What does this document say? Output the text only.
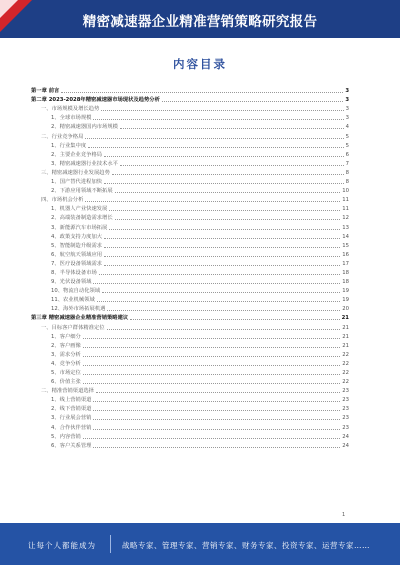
精密减速器企业精准营销策略研究报告
内容目录
第一章 前言	3
第二章 2023-2028年精密减速器市场现状及趋势分析	3
一、市场规模及增长趋势	3
1、全球市场规模	3
2、精密减速器国内市场规模	4
二、行业竞争格局	5
1、行业集中度	5
2、主要企业竞争格局	6
3、精密减速器行业技术水平	7
三、精密减速器行业发展趋势	8
1、国产替代进程加快	8
2、下游应用领域不断拓展	10
四、市场机会分析	11
1、机器人产业快速发展	11
2、高端装备制造需求增长	12
3、新能源汽车市场拓展	13
4、政策支持力度加大	14
5、智能制造升级需求	15
6、航空航天领域应用	16
7、医疗设备领域需求	17
8、半导体设备市场	18
9、光伏设备领域	18
10、物流自动化领域	19
11、农业机械领域	19
12、海外市场拓展机遇	20
第三章 精密减速器企业精准营销策略建议	21
一、目标客户群体精准定位	21
1、客户细分	21
2、客户画像	21
3、需求分析	22
4、竞争分析	22
5、市场定位	22
6、价值主张	22
二、精准营销渠道选择	23
1、线上营销渠道	23
2、线下营销渠道	23
3、行业展会营销	23
4、合作伙伴营销	23
5、内容营销	24
6、客户关系管理	24
1
让每个人都能成为	战略专家、管理专家、营销专家、财务专家、投资专家、运营专家……
